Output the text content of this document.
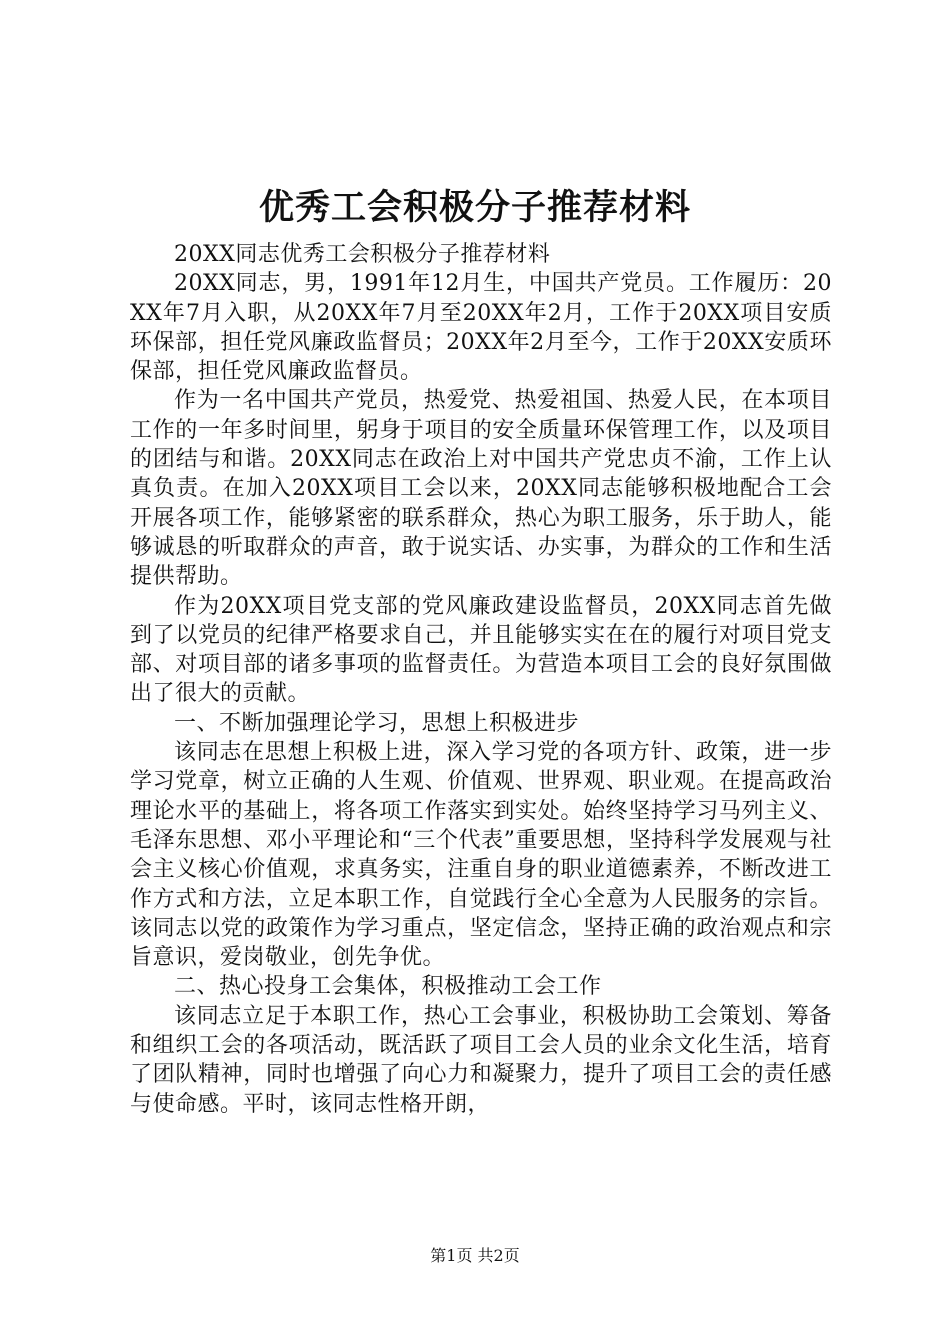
优秀工会积极分子推荐材料

20XX同志优秀工会积极分子推荐材料

20XX同志，男，1991年12月生，中国共产党员。工作履历：20XX年7月入职，从20XX年7月至20XX年2月，工作于20XX项目安质环保部，担任党风廉政监督员；20XX年2月至今，工作于20XX安质环保部，担任党风廉政监督员。

作为一名中国共产党员，热爱党、热爱祖国、热爱人民，在本项目工作的一年多时间里，躬身于项目的安全质量环保管理工作，以及项目的团结与和谐。20XX同志在政治上对中国共产党忠贞不渝，工作上认真负责。在加入20XX项目工会以来，20XX同志能够积极地配合工会开展各项工作，能够紧密的联系群众，热心为职工服务，乐于助人，能够诚恳的听取群众的声音，敢于说实话、办实事，为群众的工作和生活提供帮助。

作为20XX项目党支部的党风廉政建设监督员，20XX同志首先做到了以党员的纪律严格要求自己，并且能够实实在在的履行对项目党支部、对项目部的诸多事项的监督责任。为营造本项目工会的良好氛围做出了很大的贡献。

一、不断加强理论学习，思想上积极进步

该同志在思想上积极上进，深入学习党的各项方针、政策，进一步学习党章，树立正确的人生观、价值观、世界观、职业观。在提高政治理论水平的基础上，将各项工作落实到实处。始终坚持学习马列主义、毛泽东思想、邓小平理论和“三个代表”重要思想，坚持科学发展观与社会主义核心价值观，求真务实，注重自身的职业道德素养，不断改进工作方式和方法，立足本职工作，自觉践行全心全意为人民服务的宗旨。该同志以党的政策作为学习重点，坚定信念，坚持正确的政治观点和宗旨意识，爱岗敬业，创先争优。

二、热心投身工会集体，积极推动工会工作

该同志立足于本职工作，热心工会事业，积极协助工会策划、筹备和组织工会的各项活动，既活跃了项目工会人员的业余文化生活，培育了团队精神，同时也增强了向心力和凝聚力，提升了项目工会的责任感与使命感。平时，该同志性格开朗，

第1页 共2页
